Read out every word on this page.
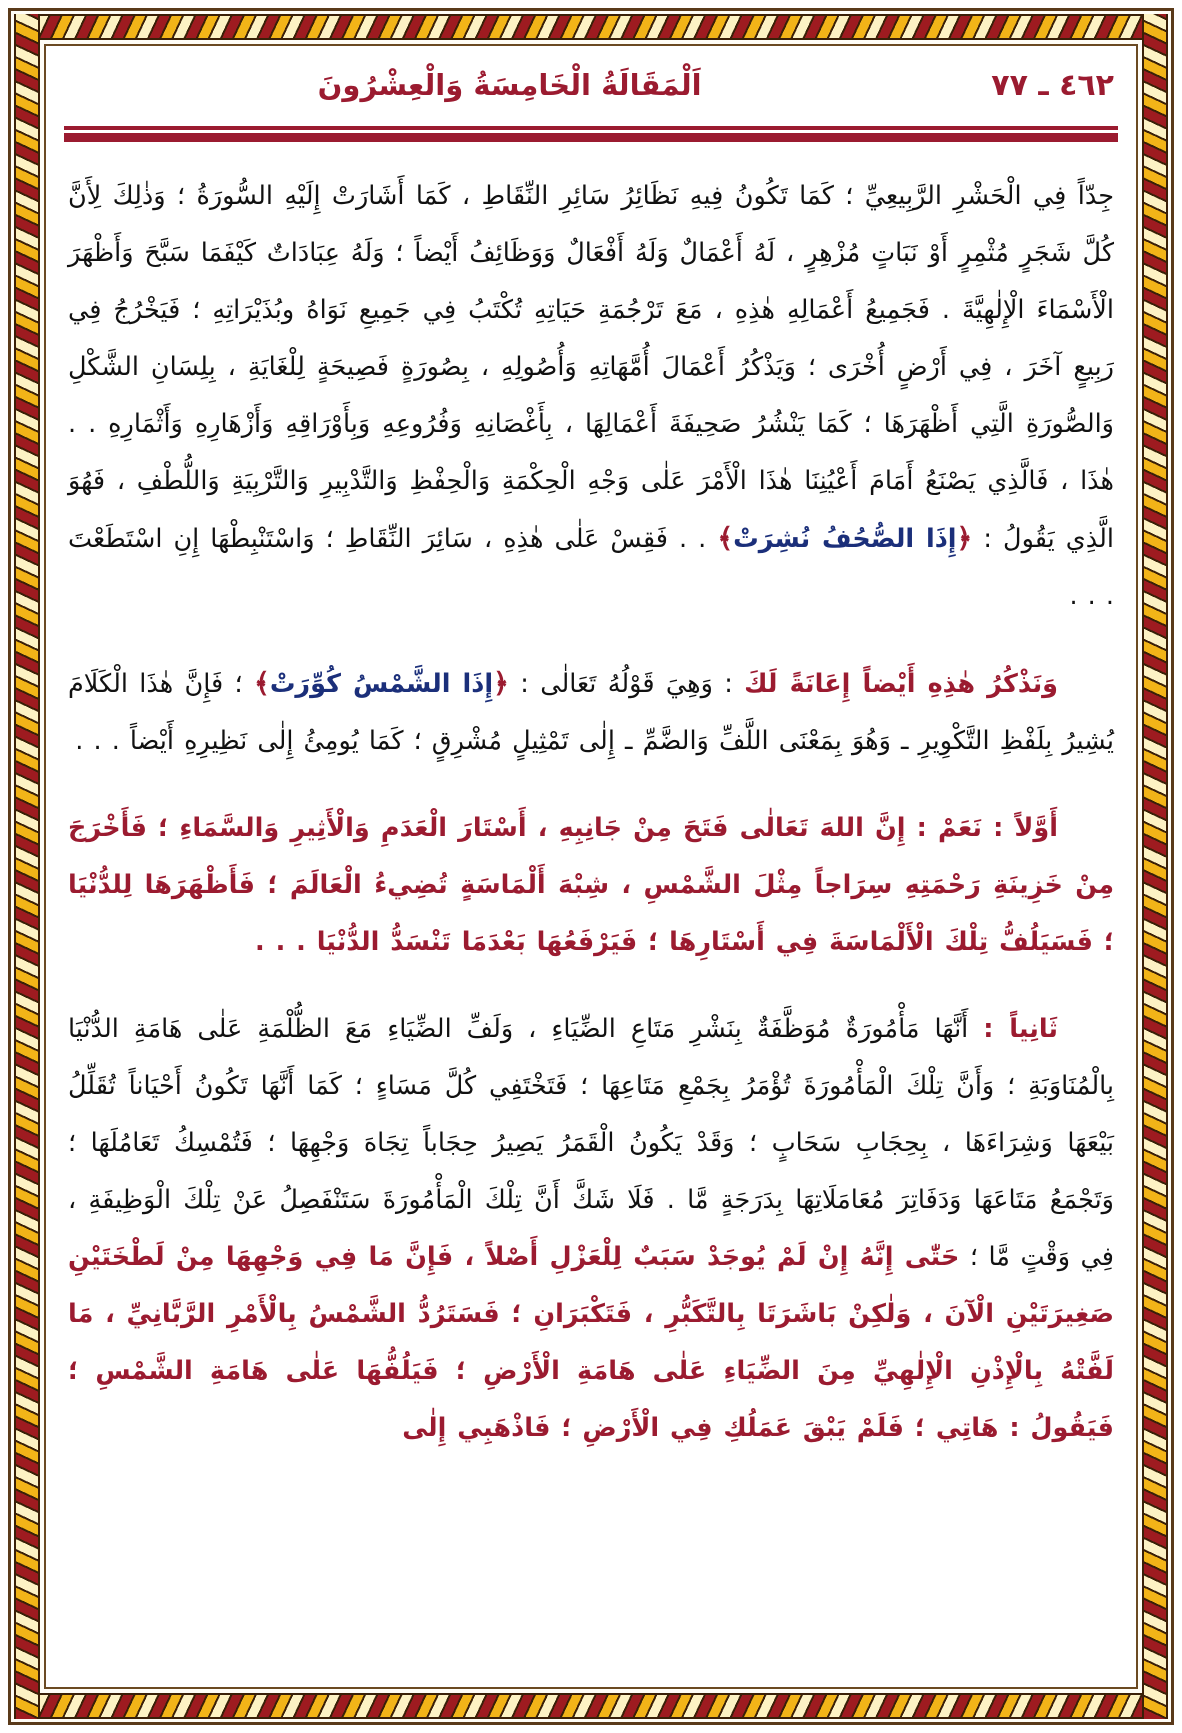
٤٦٢ ـ ٧٧
اَلْمَقَالَةُ الْخَامِسَةُ وَالْعِشْرُونَ

جِدّاً فِي الْحَشْرِ الرَّبِيعِيِّ ؛ كَمَا تَكُونُ فِيهِ نَظَائِرُ سَائِرِ النِّقَاطِ ، كَمَا أَشَارَتْ إِلَيْهِ السُّورَةُ ؛ وَذٰلِكَ لِأَنَّ كُلَّ شَجَرٍ مُثْمِرٍ أَوْ نَبَاتٍ مُزْهِرٍ ، لَهُ أَعْمَالٌ وَلَهُ أَفْعَالٌ وَوَظَائِفُ أَيْضاً ؛ وَلَهُ عِبَادَاتٌ كَيْفَمَا سَبَّحَ وَأَظْهَرَ الْأَسْمَاءَ الْإِلٰهِيَّةَ . فَجَمِيعُ أَعْمَالِهِ هٰذِهِ ، مَعَ تَرْجُمَةِ حَيَاتِهِ تُكْتَبُ فِي جَمِيعِ نَوَاهُ وبُذَيْرَاتِهِ ؛ فَيَخْرُجُ فِي رَبِيعٍ آخَرَ ، فِي أَرْضٍ أُخْرَى ؛ وَيَذْكُرُ أَعْمَالَ أُمَّهَاتِهِ وَأُصُولِهِ ، بِصُورَةٍ فَصِيحَةٍ لِلْغَايَةِ ، بِلِسَانِ الشَّكْلِ وَالصُّورَةِ الَّتِي أَظْهَرَهَا ؛ كَمَا يَنْشُرُ صَحِيفَةَ أَعْمَالِهَا ، بِأَغْصَانِهِ وَفُرُوعِهِ وَبِأَوْرَاقِهِ وَأَزْهَارِهِ وَأَثْمَارِهِ . . هٰذَا ، فَالَّذِي يَصْنَعُ أَمَامَ أَعْيُنِنَا هٰذَا الْأَمْرَ عَلٰى وَجْهِ الْحِكْمَةِ وَالْحِفْظِ وَالتَّدْبِيرِ وَالتَّرْبِيَةِ وَاللُّطْفِ ، فَهُوَ الَّذِي يَقُولُ : ﴿إِذَا الصُّحُفُ نُشِرَتْ﴾ . . فَقِسْ عَلٰى هٰذِهِ ، سَائِرَ النِّقَاطِ ؛ وَاسْتَنْبِطْهَا إِنِ اسْتَطَعْتَ . . .

وَنَذْكُرُ هٰذِهِ أَيْضاً إِعَانَةً لَكَ : وَهِيَ قَوْلُهُ تَعَالٰى : ﴿إِذَا الشَّمْسُ كُوِّرَتْ﴾ ؛ فَإِنَّ هٰذَا الْكَلَامَ يُشِيرُ بِلَفْظِ التَّكْوِيرِ ـ وَهُوَ بِمَعْنَى اللَّفِّ وَالضَّمِّ ـ إِلٰى تَمْثِيلٍ مُشْرِقٍ ؛ كَمَا يُومِئُ إِلٰى نَظِيرِهِ أَيْضاً . . .

أَوَّلاً : نَعَمْ : إِنَّ اللهَ تَعَالٰى فَتَحَ مِنْ جَانِبِهِ ، أَسْتَارَ الْعَدَمِ وَالْأَثِيرِ وَالسَّمَاءِ ؛ فَأَخْرَجَ مِنْ خَزِينَةِ رَحْمَتِهِ سِرَاجاً مِثْلَ الشَّمْسِ ، شِبْهَ أَلْمَاسَةٍ تُضِيءُ الْعَالَمَ ؛ فَأَظْهَرَهَا لِلدُّنْيَا ؛ فَسَيَلُفُّ تِلْكَ الْأَلْمَاسَةَ فِي أَسْتَارِهَا ؛ فَيَرْفَعُهَا بَعْدَمَا تَنْسَدُّ الدُّنْيَا . . .

ثَانِياً : أَنَّهَا مَأْمُورَةٌ مُوَظَّفَةٌ بِنَشْرِ مَتَاعِ الضِّيَاءِ ، وَلَفِّ الضِّيَاءِ مَعَ الظُّلْمَةِ عَلٰى هَامَةِ الدُّنْيَا بِالْمُنَاوَبَةِ ؛ وَأَنَّ تِلْكَ الْمَأْمُورَةَ تُؤْمَرُ بِجَمْعِ مَتَاعِهَا ؛ فَتَخْتَفِي كُلَّ مَسَاءٍ ؛ كَمَا أَنَّهَا تَكُونُ أَحْيَاناً تُقَلِّلُ بَيْعَهَا وَشِرَاءَهَا ، بِحِجَابِ سَحَابٍ ؛ وَقَدْ يَكُونُ الْقَمَرُ يَصِيرُ حِجَاباً تِجَاهَ وَجْهِهَا ؛ فَتُمْسِكُ تَعَامُلَهَا ؛ وَتَجْمَعُ مَتَاعَهَا وَدَفَاتِرَ مُعَامَلَاتِهَا بِدَرَجَةٍ مَّا . فَلَا شَكَّ أَنَّ تِلْكَ الْمَأْمُورَةَ سَتَنْفَصِلُ عَنْ تِلْكَ الْوَظِيفَةِ ، فِي وَقْتٍ مَّا ؛ حَتّٰى إِنَّهُ إِنْ لَمْ يُوجَدْ سَبَبٌ لِلْعَزْلِ أَصْلاً ، فَإِنَّ مَا فِي وَجْهِهَا مِنْ لَطْخَتَيْنِ صَغِيرَتَيْنِ الْآنَ ، وَلٰكِنْ بَاشَرَتَا بِالتَّكَبُّرِ ، فَتَكْبَرَانِ ؛ فَسَتَرُدُّ الشَّمْسُ بِالْأَمْرِ الرَّبَّانِيِّ ، مَا لَفَّتْهُ بِالْإِذْنِ الْإِلٰهِيِّ مِنَ الضِّيَاءِ عَلٰى هَامَةِ الْأَرْضِ ؛ فَيَلُفُّهَا عَلٰى هَامَةِ الشَّمْسِ ؛ فَيَقُولُ : هَاتِي ؛ فَلَمْ يَبْقَ عَمَلُكِ فِي الْأَرْضِ ؛ فَاذْهَبِي إِلٰى
